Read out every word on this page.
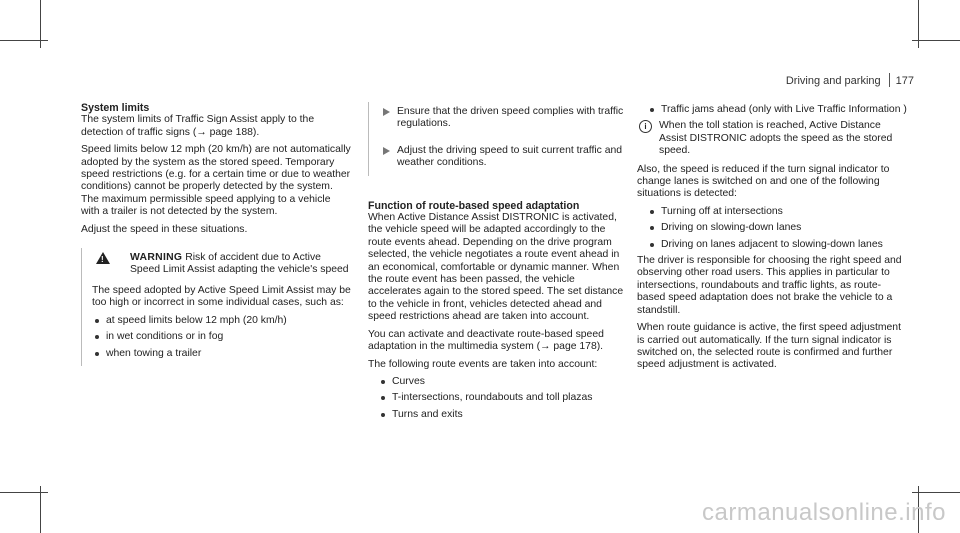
Driving and parking 177
System limits

The system limits of Traffic Sign Assist apply to the detection of traffic signs (→ page 188).

Speed limits below 12 mph (20 km/h) are not automatically adopted by the system as the stored speed. Temporary speed restrictions (e.g. for a certain time or due to weather conditions) cannot be properly detected by the system. The maximum permissible speed applying to a vehicle with a trailer is not detected by the system.

Adjust the speed in these situations.

!
WARNING Risk of accident due to Active Speed Limit Assist adapting the vehicle's speed

The speed adopted by Active Speed Limit Assist may be too high or incorrect in some individual cases, such as:

at speed limits below 12 mph (20 km/h)
in wet conditions or in fog
when towing a trailer
Ensure that the driven speed complies with traffic regulations.
Adjust the driving speed to suit current traffic and weather conditions.
Function of route-based speed adaptation

When Active Distance Assist DISTRONIC is activated, the vehicle speed will be adapted accordingly to the route events ahead. Depending on the drive program selected, the vehicle negotiates a route event ahead in an economical, comfortable or dynamic manner. When the route event has been passed, the vehicle accelerates again to the stored speed. The set distance to the vehicle in front, vehicles detected ahead and speed restrictions ahead are taken into account.

You can activate and deactivate route-based speed adaptation in the multimedia system (→ page 178).

The following route events are taken into account:

Curves
T-intersections, roundabouts and toll plazas
Turns and exits
Traffic jams ahead (only with Live Traffic Information )
i	When the toll station is reached, Active Distance Assist DISTRONIC adopts the speed as the stored speed.

Also, the speed is reduced if the turn signal indicator to change lanes is switched on and one of the following situations is detected:

Turning off at intersections
Driving on slowing-down lanes
Driving on lanes adjacent to slowing-down lanes

The driver is responsible for choosing the right speed and observing other road users. This applies in particular to intersections, roundabouts and traffic lights, as route-based speed adaptation does not brake the vehicle to a standstill.

When route guidance is active, the first speed adjustment is carried out automatically. If the turn signal indicator is switched on, the selected route is confirmed and further speed adjustment is activated.

carmanualsonline.info
